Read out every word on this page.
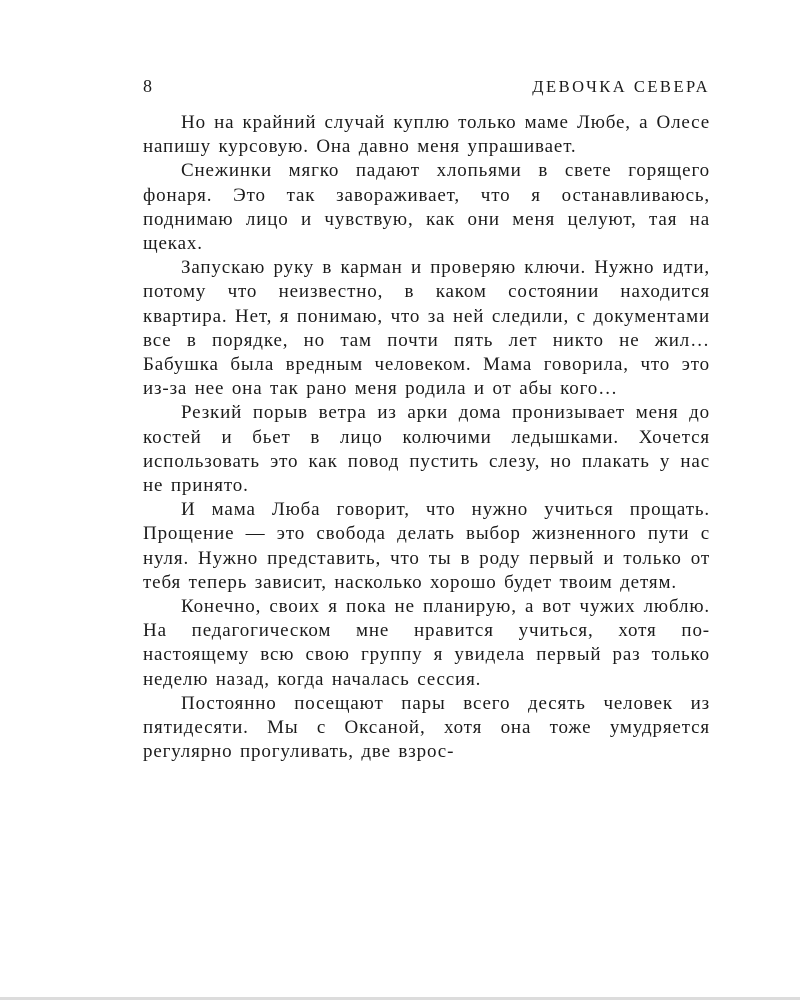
8	ДЕВОЧКА СЕВЕРА

Но на крайний случай куплю только маме Любе, а Олесе напишу курсовую. Она давно меня упрашивает.

Снежинки мягко падают хлопьями в свете горящего фонаря. Это так завораживает, что я останавливаюсь, поднимаю лицо и чувствую, как они меня целуют, тая на щеках.

Запускаю руку в карман и проверяю ключи. Нужно идти, потому что неизвестно, в каком состоянии находится квартира. Нет, я понимаю, что за ней следили, с документами все в порядке, но там почти пять лет никто не жил… Бабушка была вредным человеком. Мама говорила, что это из-за нее она так рано меня родила и от абы кого…

Резкий порыв ветра из арки дома пронизывает меня до костей и бьет в лицо колючими ледышками. Хочется использовать это как повод пустить слезу, но плакать у нас не принято.

И мама Люба говорит, что нужно учиться прощать. Прощение — это свобода делать выбор жизненного пути с нуля. Нужно представить, что ты в роду первый и только от тебя теперь зависит, насколько хорошо будет твоим детям.

Конечно, своих я пока не планирую, а вот чужих люблю. На педагогическом мне нравится учиться, хотя по-настоящему всю свою группу я увидела первый раз только неделю назад, когда началась сессия.

Постоянно посещают пары всего десять человек из пятидесяти. Мы с Оксаной, хотя она тоже умудряется регулярно прогуливать, две взрос-
